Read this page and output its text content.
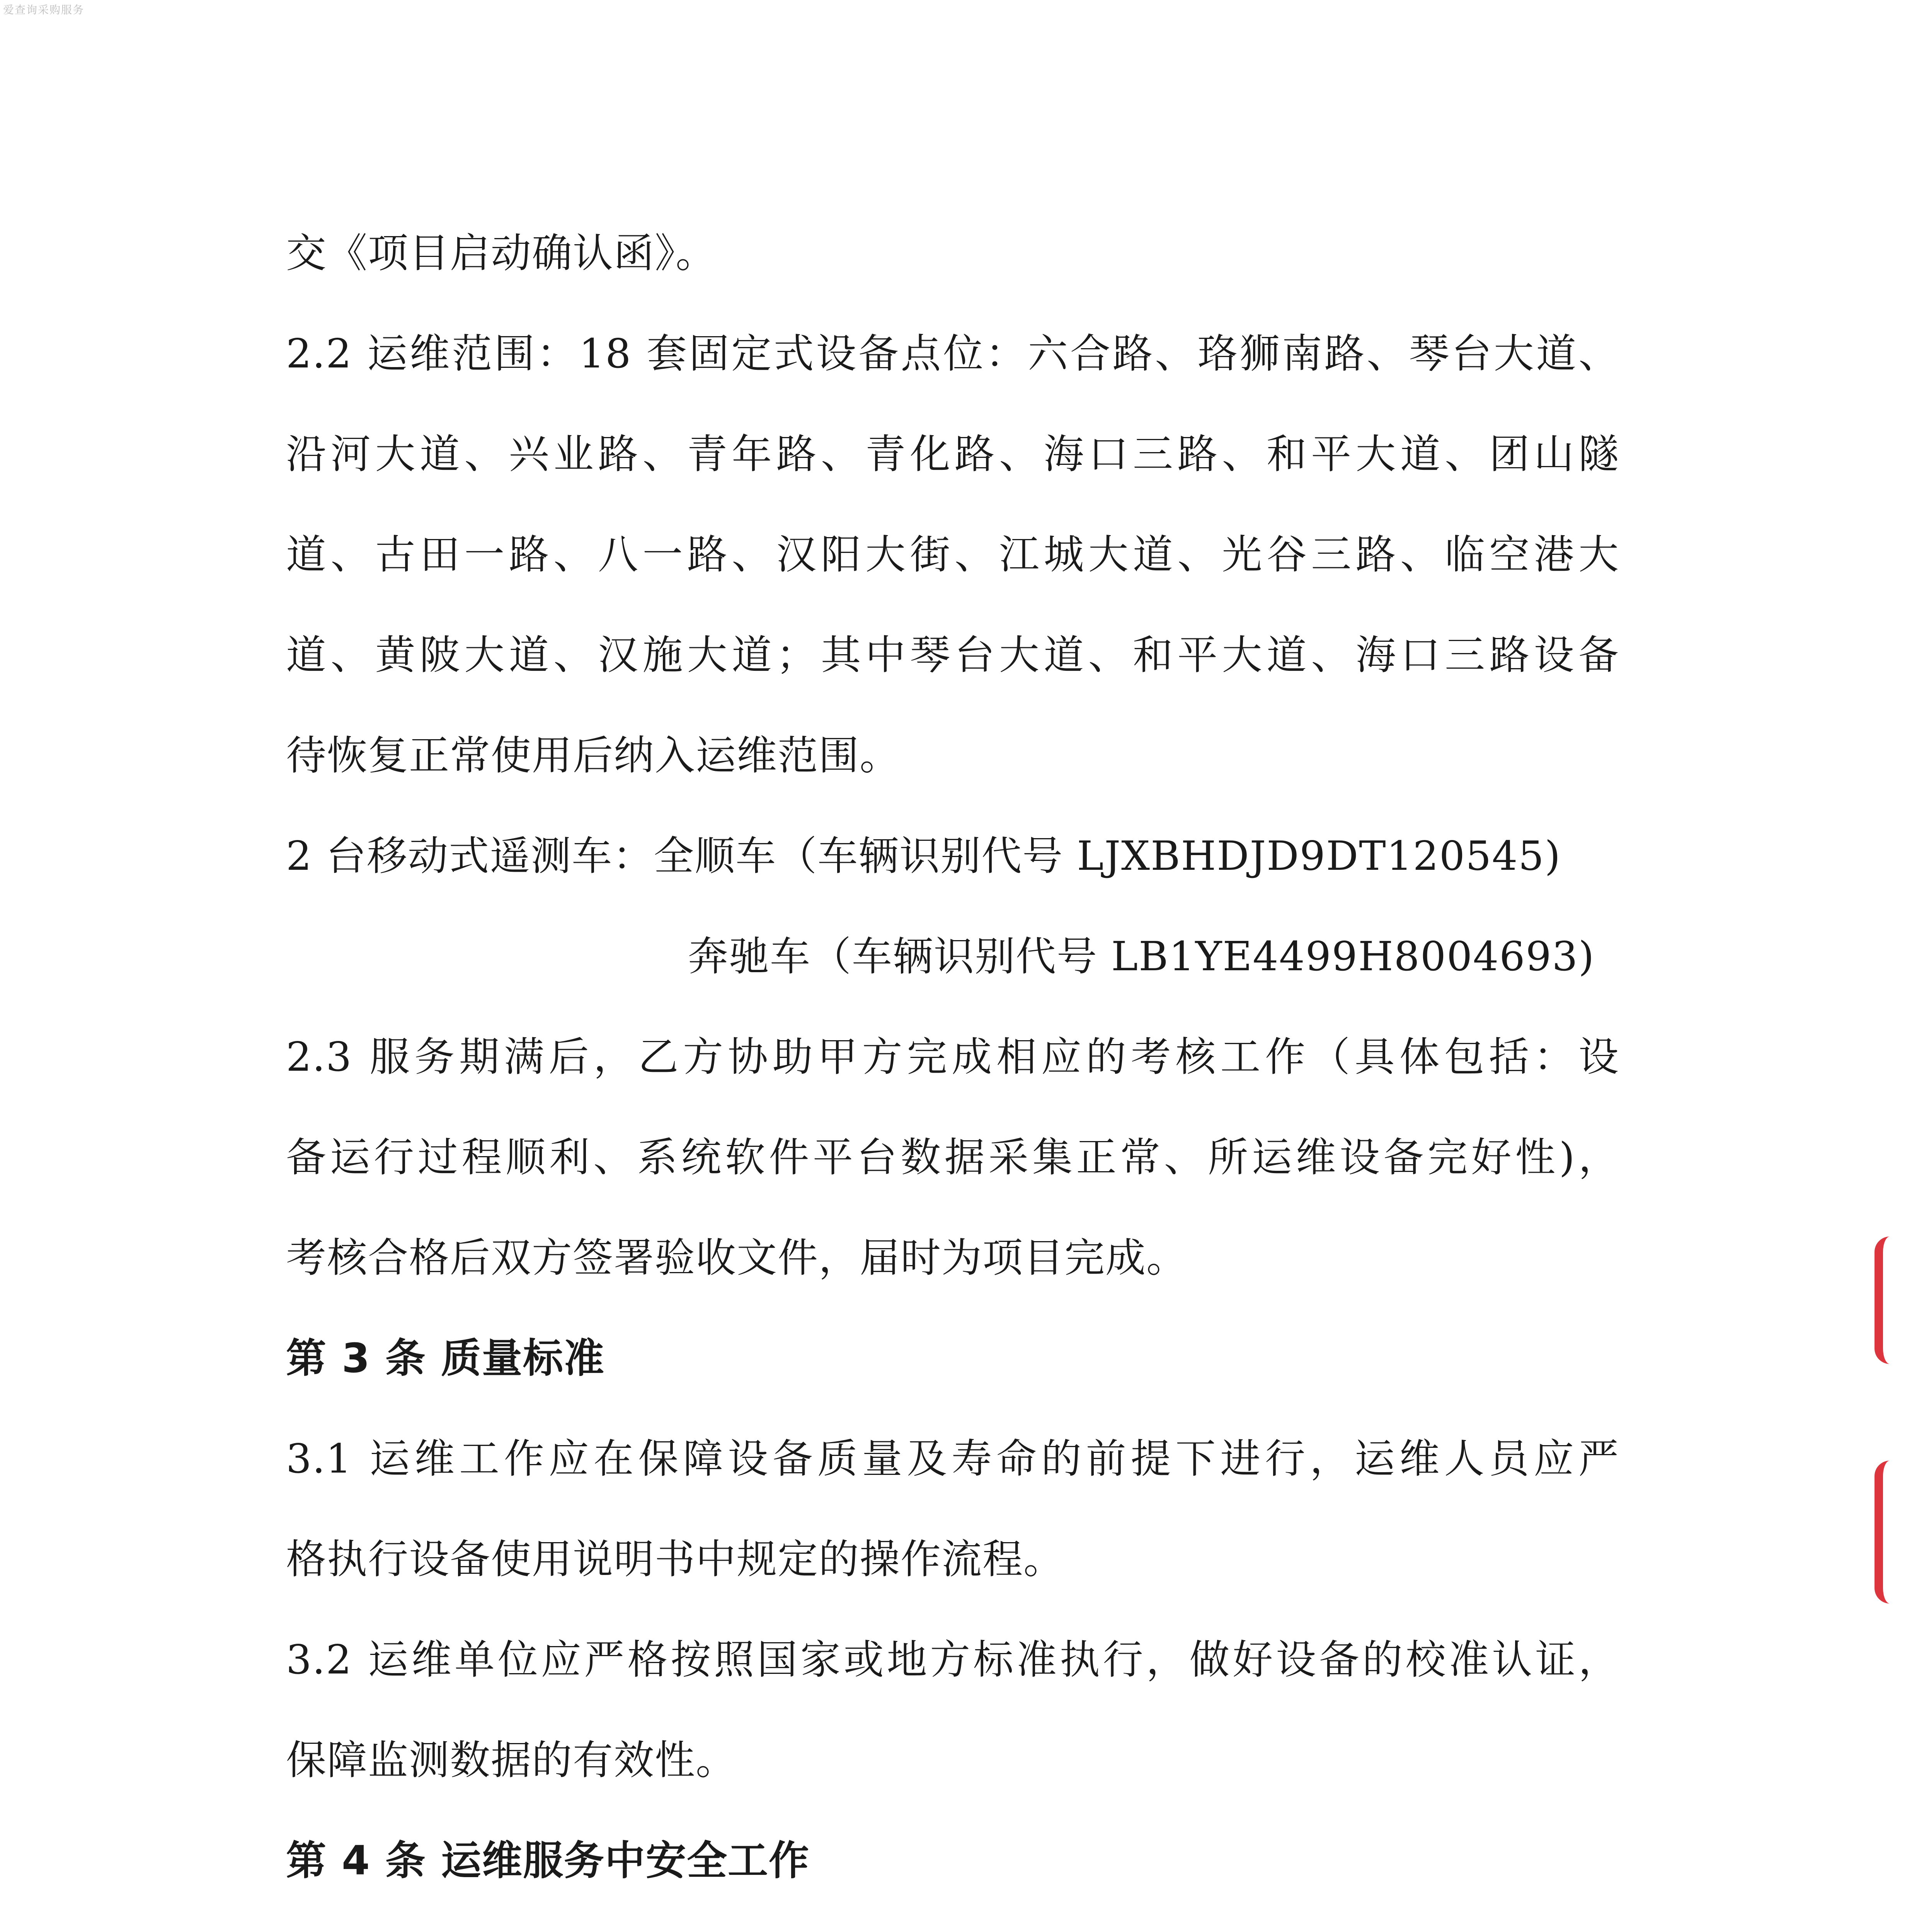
爱查询采购服务
交《项目启动确认函》。
2.2 运维范围：18 套固定式设备点位：六合路、珞狮南路、琴台大道、
沿河大道、兴业路、青年路、青化路、海口三路、和平大道、团山隧
道、古田一路、八一路、汉阳大街、江城大道、光谷三路、临空港大
道、黄陂大道、汉施大道；其中琴台大道、和平大道、海口三路设备
待恢复正常使用后纳入运维范围。
2 台移动式遥测车：全顺车（车辆识别代号 LJXBHDJD9DT120545)
奔驰车（车辆识别代号 LB1YE4499H8004693)
2.3 服务期满后，乙方协助甲方完成相应的考核工作（具体包括：设
备运行过程顺利、系统软件平台数据采集正常、所运维设备完好性)，
考核合格后双方签署验收文件，届时为项目完成。
第 3 条 质量标准
3.1 运维工作应在保障设备质量及寿命的前提下进行，运维人员应严
格执行设备使用说明书中规定的操作流程。
3.2 运维单位应严格按照国家或地方标准执行，做好设备的校准认证，
保障监测数据的有效性。
第 4 条 运维服务中安全工作
